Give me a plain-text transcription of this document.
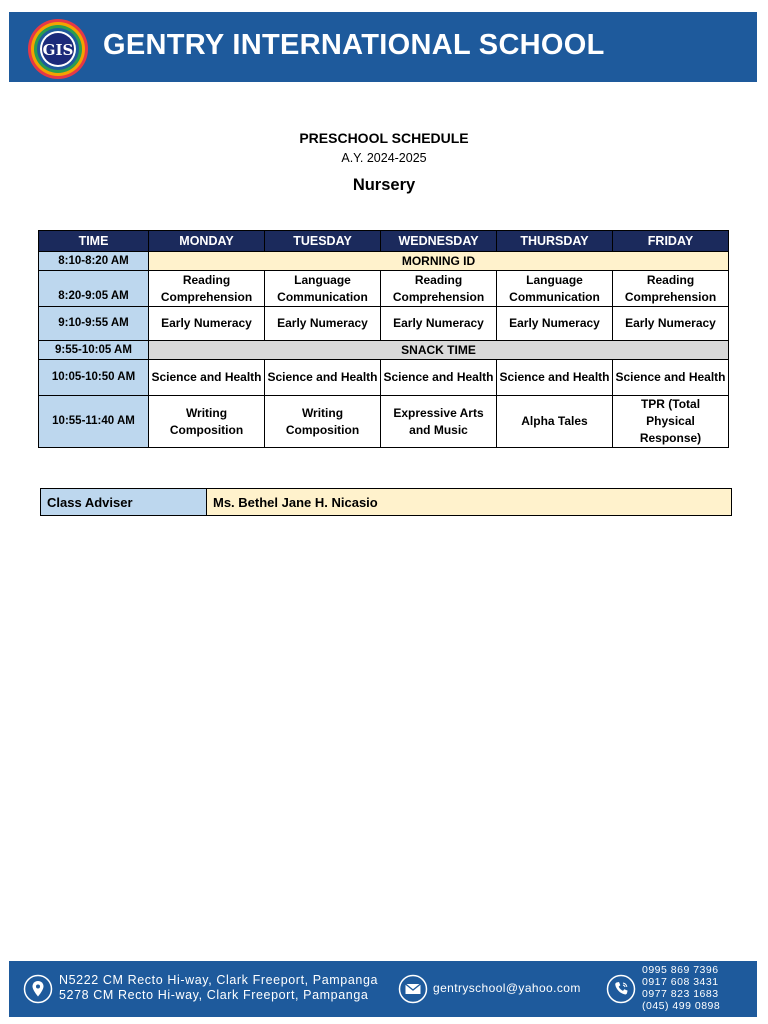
GIS GENTRY INTERNATIONAL SCHOOL
PRESCHOOL SCHEDULE
A.Y. 2024-2025
Nursery
TIME	MONDAY	TUESDAY	WEDNESDAY	THURSDAY	FRIDAY
8:10-8:20 AM	MORNING ID				
8:20-9:05 AM	Reading Comprehension	Language Communication	Reading Comprehension	Language Communication	Reading Comprehension
9:10-9:55 AM	Early Numeracy	Early Numeracy	Early Numeracy	Early Numeracy	Early Numeracy
9:55-10:05 AM	SNACK TIME				
10:05-10:50 AM	Science and Health	Science and Health	Science and Health	Science and Health	Science and Health
10:55-11:40 AM	Writing Composition	Writing Composition	Expressive Arts and Music	Alpha Tales	TPR (Total Physical Response)
Class Adviser	Ms. Bethel Jane H. Nicasio
N5222 CM Recto Hi-way, Clark Freeport, Pampanga
5278 CM Recto Hi-way, Clark Freeport, Pampanga	gentryschool@yahoo.com
0995 869 7396
0917 608 3431
0977 823 1683
(045) 499 0898
